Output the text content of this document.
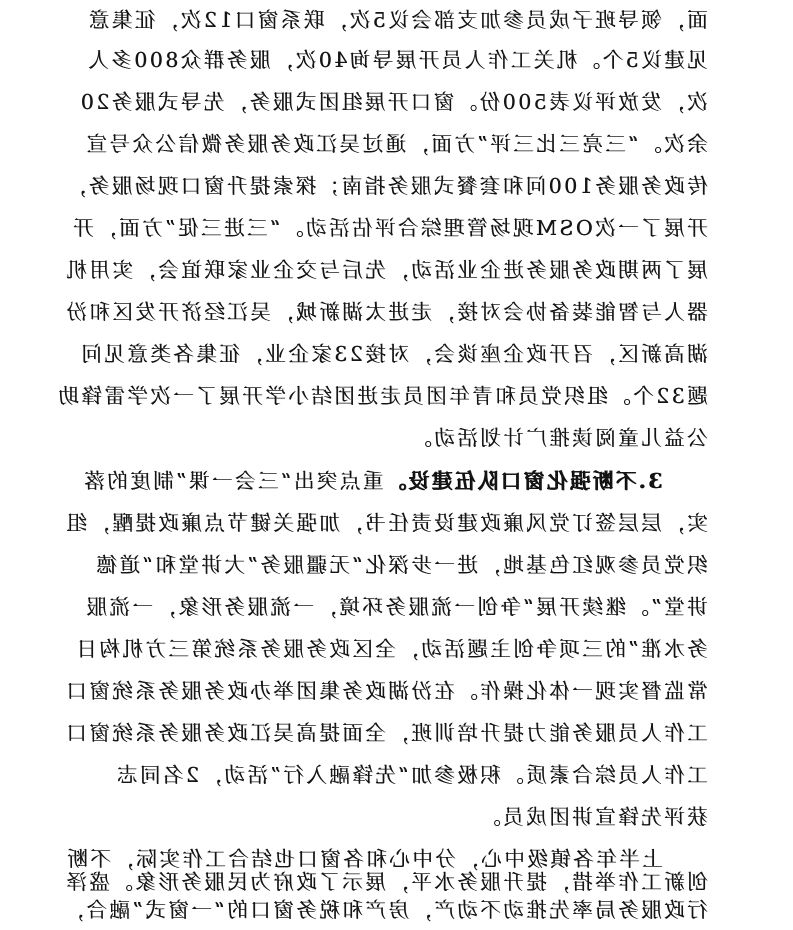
面，领导班子成员参加支部会议5次，联系窗口12次，征集意
见建议5个。机关工作人员开展导询40次，服务群众800多人
次，发放评议表500份。窗口开展组团式服务，先导式服务20
余次。“三亮三比三评”方面，通过吴江政务服务微信公众号宣
传政务服务100问和套餐式服务指南；探索提升窗口现场服务，
开展了一次OSM现场管理综合评估活动。“三进三促”方面，开
展了两期政务服务进企业活动，先后与交企业家联谊会，实用机
器人与智能装备协会对接，走进太湖新城，吴江经济开发区和汾
湖高新区，召开政企座谈会，对接23家企业，征集各类意见问
题32个。组织党员和青年团员走进团结小学开展了一次学雷锋助
公益儿童阅读推广计划活动。
3.不断强化窗口队伍建设。重点突出“三会一课”制度的落
实，层层签订党风廉政建设责任书，加强关键节点廉政提醒，组
织党员参观红色基地，进一步深化“无疆服务”大讲堂和“道德
讲堂”。继续开展“争创一流服务环境，一流服务形象，一流服
务水准”的三项争创主题活动，全区政务服务系统第三方机构日
常监督实现一体化操作。在汾湖政务集团举办政务服务系统窗口
工作人员服务能力提升培训班，全面提高吴江政务服务系统窗口
工作人员综合素质。积极参加“先锋融入行”活动，2名同志
获评先锋宣讲团成员。
上半年各镇级中心，分中心和各窗口也结合工作实际，不断
创新工作举措，提升服务水平，展示了政府为民服务形象。盛泽
行政服务局率先推动不动产，房产和税务窗口的“一窗式”融合，
